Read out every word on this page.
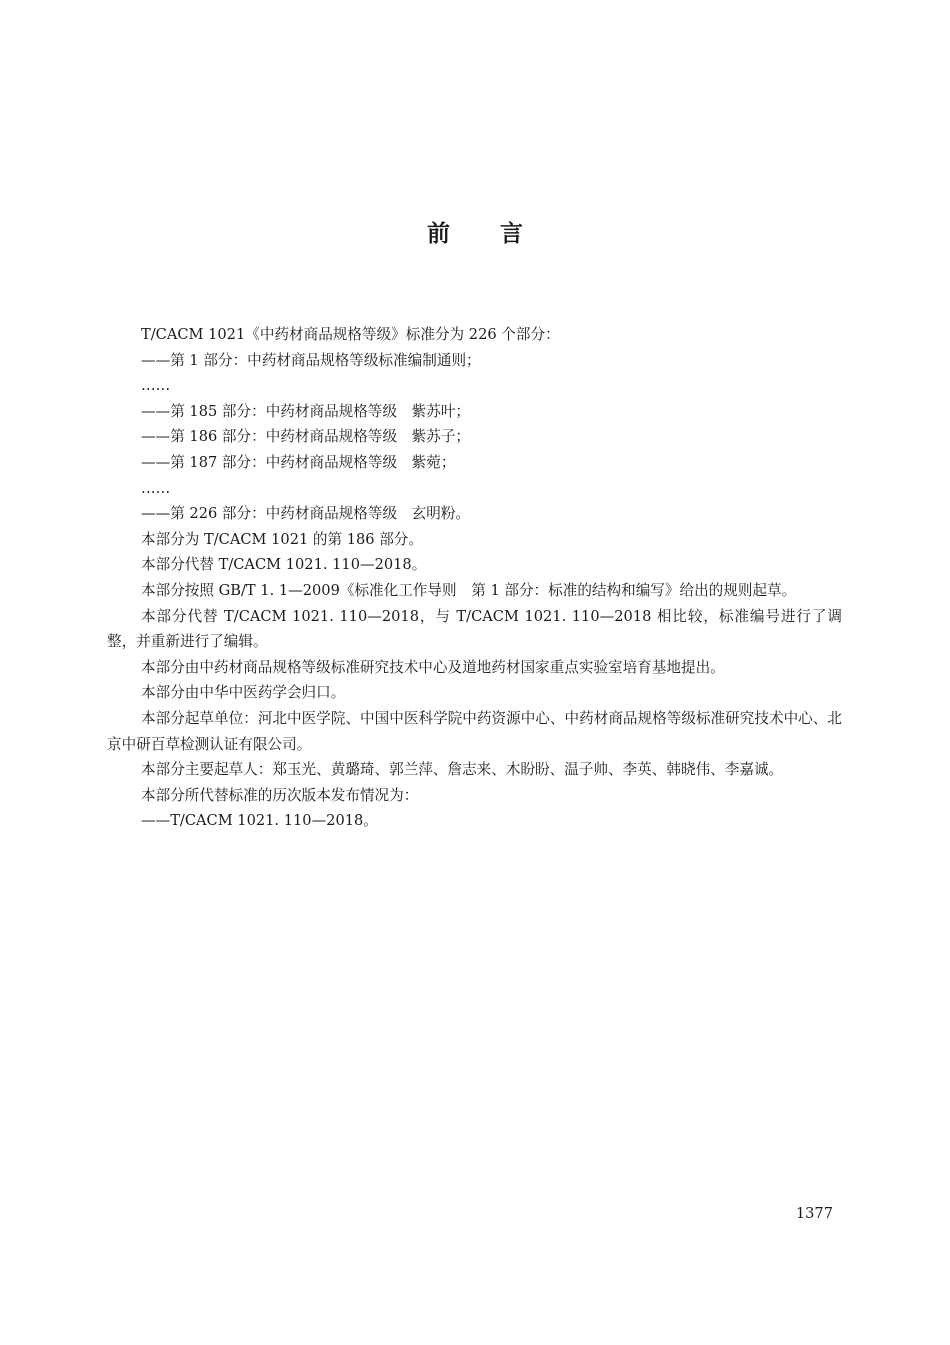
前言

T/CACM 1021《中药材商品规格等级》标准分为 226 个部分：

——第 1 部分：中药材商品规格等级标准编制通则；

……

——第 185 部分：中药材商品规格等级　紫苏叶；

——第 186 部分：中药材商品规格等级　紫苏子；

——第 187 部分：中药材商品规格等级　紫菀；

……

——第 226 部分：中药材商品规格等级　玄明粉。

本部分为 T/CACM 1021 的第 186 部分。

本部分代替 T/CACM 1021. 110—2018。

本部分按照 GB/T 1. 1—2009《标准化工作导则　第 1 部分：标准的结构和编写》给出的规则起草。

本部分代替 T/CACM 1021. 110—2018，与 T/CACM 1021. 110—2018 相比较，标准编号进行了调整，并重新进行了编辑。

本部分由中药材商品规格等级标准研究技术中心及道地药材国家重点实验室培育基地提出。

本部分由中华中医药学会归口。

本部分起草单位：河北中医学院、中国中医科学院中药资源中心、中药材商品规格等级标准研究技术中心、北京中研百草检测认证有限公司。

本部分主要起草人：郑玉光、黄璐琦、郭兰萍、詹志来、木盼盼、温子帅、李英、韩晓伟、李嘉诚。

本部分所代替标准的历次版本发布情况为：

——T/CACM 1021. 110—2018。

1377
